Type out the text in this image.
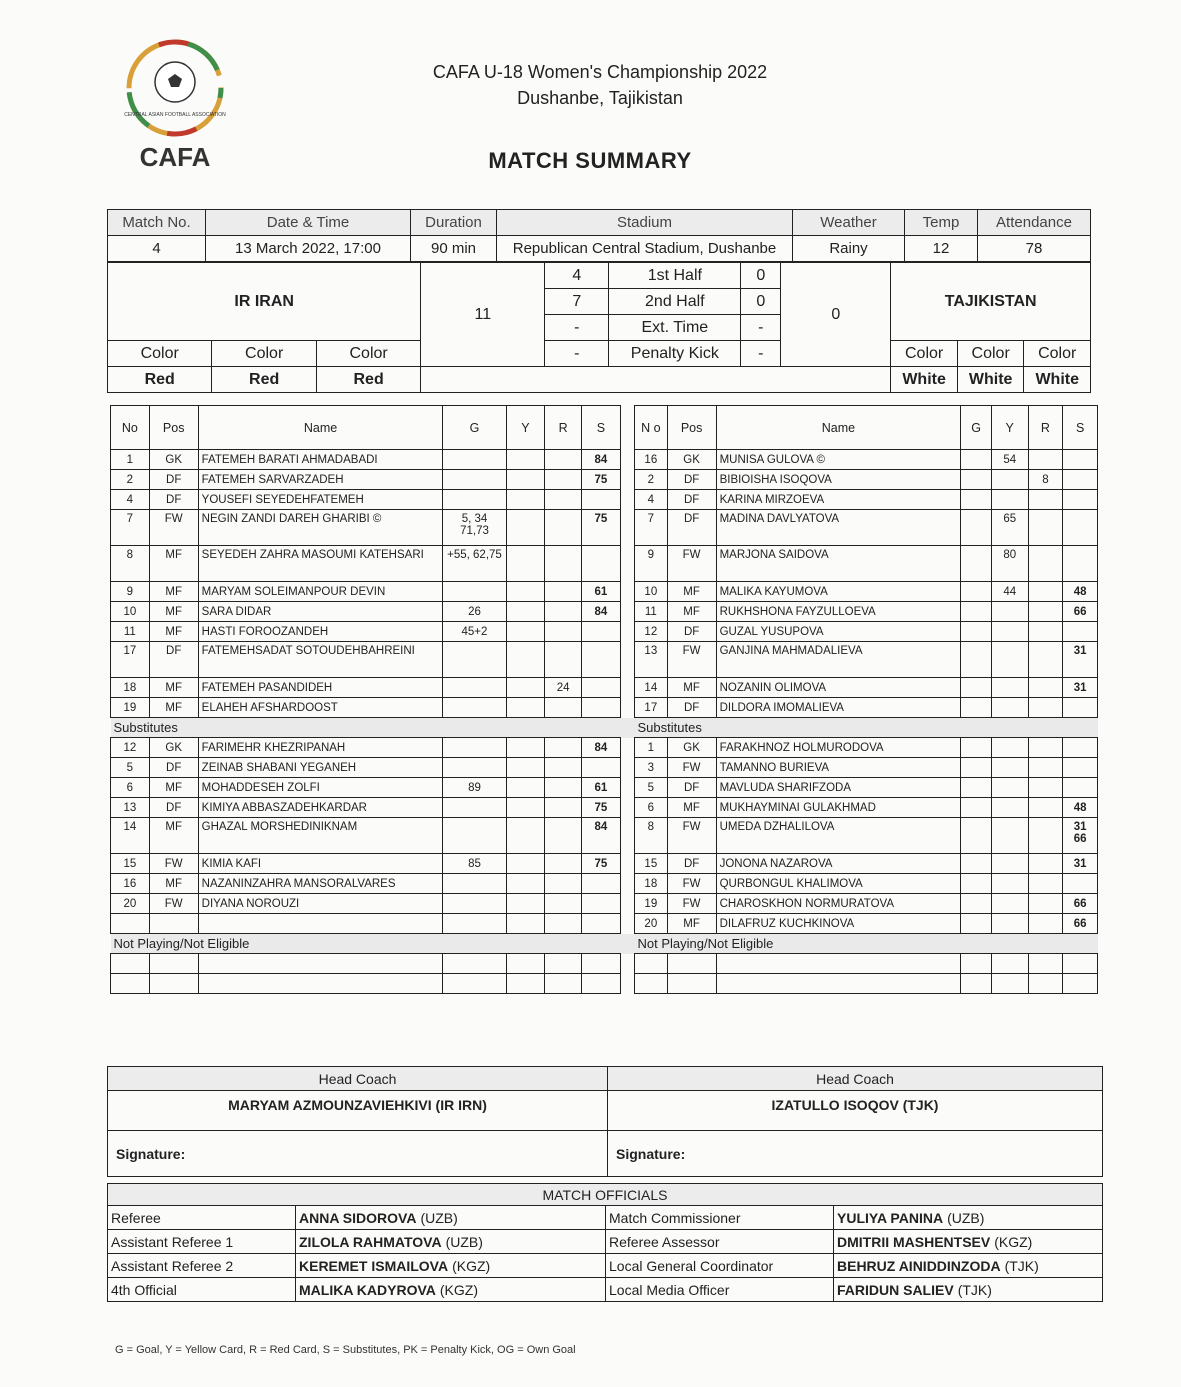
CENTRAL ASIAN FOOTBALL ASSOCIATION
CAFA
CAFA U-18 Women's Championship 2022
Dushanbe, Tajikistan
MATCH SUMMARY
Match No.	Date & Time	Duration	Stadium	Weather	Temp	Attendance
4	13 March 2022, 17:00	90 min	Republican Central Stadium, Dushanbe	Rainy	12	78
IR IRAN			11	4	1st Half	0	0	TAJIKISTAN		
				7	2nd Half	0				
				-	Ext. Time	-				
Color	Color	Color		-	Penalty Kick	-		Color	Color	Color
Red	Red	Red						White	White	White
No	Pos	Name	G	Y	R	S		N o	Pos	Name	G	Y	R	S
1	GK	FATEMEH BARATI AHMADABADI				84		16	GK	MUNISA GULOVA ©		54		
2	DF	FATEMEH SARVARZADEH				75		2	DF	BIBIOISHA ISOQOVA			8	
4	DF	YOUSEFI SEYEDEHFATEMEH						4	DF	KARINA MIRZOEVA				
7	FW	NEGIN ZANDI DAREH GHARIBI ©	5, 34 71,73			75		7	DF	MADINA DAVLYATOVA		65		
8	MF	SEYEDEH ZAHRA MASOUMI KATEHSARI	+55, 62,75					9	FW	MARJONA SAIDOVA		80		
9	MF	MARYAM SOLEIMANPOUR DEVIN				61		10	MF	MALIKA KAYUMOVA		44		48
10	MF	SARA DIDAR	26			84		11	MF	RUKHSHONA FAYZULLOEVA				66
11	MF	HASTI FOROOZANDEH	45+2					12	DF	GUZAL YUSUPOVA				
17	DF	FATEMEHSADAT SOTOUDEHBAHREINI						13	FW	GANJINA MAHMADALIEVA				31
18	MF	FATEMEH PASANDIDEH			24			14	MF	NOZANIN OLIMOVA				31
19	MF	ELAHEH AFSHARDOOST						17	DF	DILDORA IMOMALIEVA				
Substitutes								Substitutes						
12	GK	FARIMEHR KHEZRIPANAH				84		1	GK	FARAKHNOZ HOLMURODOVA				
5	DF	ZEINAB SHABANI YEGANEH						3	FW	TAMANNO BURIEVA				
6	MF	MOHADDESEH ZOLFI	89			61		5	DF	MAVLUDA SHARIFZODA				
13	DF	KIMIYA ABBASZADEHKARDAR				75		6	MF	MUKHAYMINAI GULAKHMAD				48
14	MF	GHAZAL MORSHEDINIKNAM				84		8	FW	UMEDA DZHALILOVA				31 66
15	FW	KIMIA KAFI	85			75		15	DF	JONONA NAZAROVA				31
16	MF	NAZANINZAHRA MANSORALVARES						18	FW	QURBONGUL KHALIMOVA				
20	FW	DIYANA NOROUZI						19	FW	CHAROSKHON NORMURATOVA				66
								20	MF	DILAFRUZ KUCHKINOVA				66
Not Playing/Not Eligible								Not Playing/Not Eligible						

Head Coach	Head Coach
MARYAM AZMOUNZAVIEHKIVI (IR IRN)	IZATULLO ISOQOV (TJK)
Signature:	Signature:
MATCH OFFICIALS			
Referee	ANNA SIDOROVA (UZB)	Match Commissioner	YULIYA PANINA (UZB)
Assistant Referee 1	ZILOLA RAHMATOVA (UZB)	Referee Assessor	DMITRII MASHENTSEV (KGZ)
Assistant Referee 2	KEREMET ISMAILOVA (KGZ)	Local General Coordinator	BEHRUZ AINIDDINZODA (TJK)
4th Official	MALIKA KADYROVA (KGZ)	Local Media Officer	FARIDUN SALIEV (TJK)
G = Goal, Y = Yellow Card, R = Red Card, S = Substitutes, PK = Penalty Kick, OG = Own Goal
